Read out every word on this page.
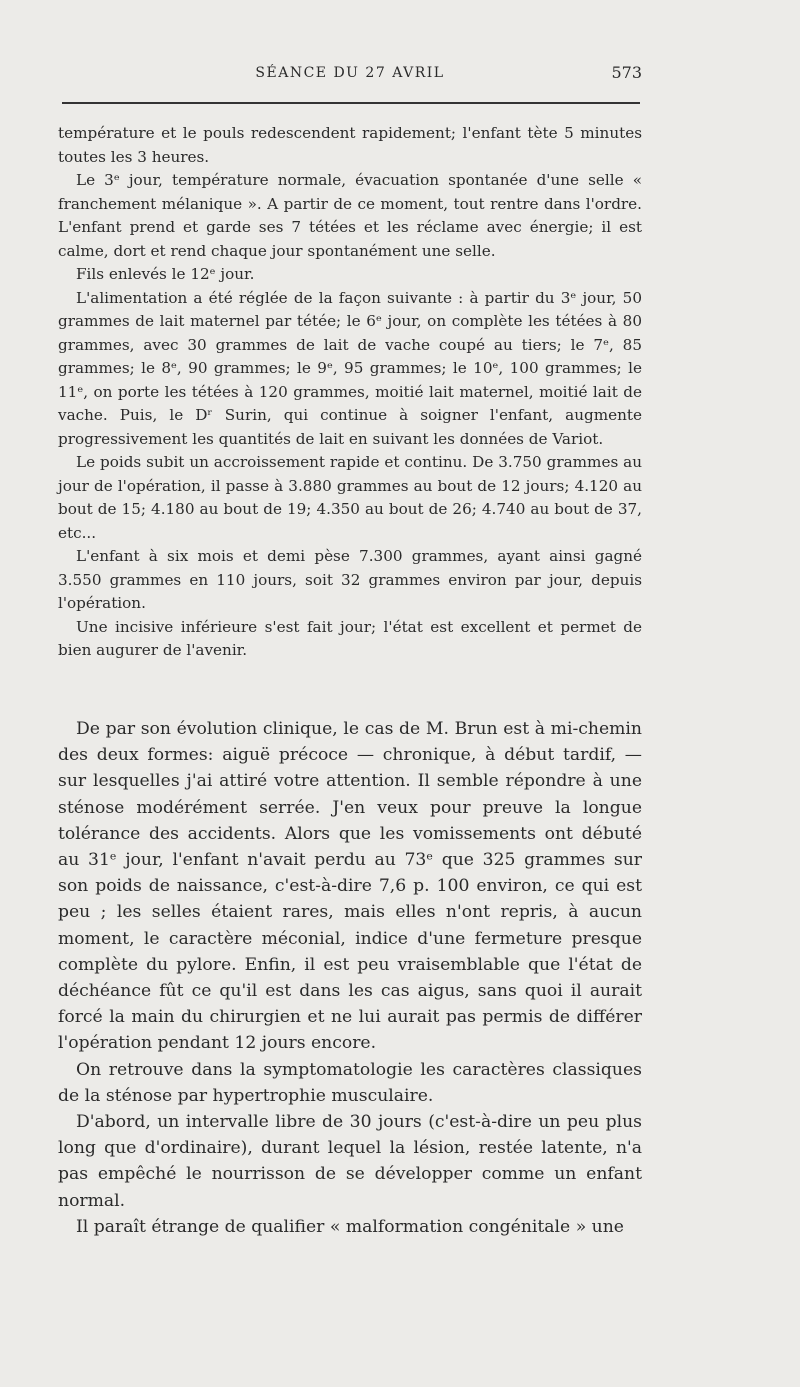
SÉANCE DU 27 AVRIL	573

température et le pouls redescendent rapidement; l'enfant tète 5 minutes toutes les 3 heures.

Le 3ᵉ jour, température normale, évacuation spontanée d'une selle « franchement mélanique ». A partir de ce moment, tout rentre dans l'ordre. L'enfant prend et garde ses 7 tétées et les réclame avec énergie; il est calme, dort et rend chaque jour spontanément une selle.

Fils enlevés le 12ᵉ jour.

L'alimentation a été réglée de la façon suivante : à partir du 3ᵉ jour, 50 grammes de lait maternel par tétée; le 6ᵉ jour, on complète les tétées à 80 grammes, avec 30 grammes de lait de vache coupé au tiers; le 7ᵉ, 85 grammes; le 8ᵉ, 90 grammes; le 9ᵉ, 95 grammes; le 10ᵉ, 100 grammes; le 11ᵉ, on porte les tétées à 120 grammes, moitié lait maternel, moitié lait de vache. Puis, le Dʳ Surin, qui continue à soigner l'enfant, augmente progressivement les quantités de lait en suivant les données de Variot.

Le poids subit un accroissement rapide et continu. De 3.750 grammes au jour de l'opération, il passe à 3.880 grammes au bout de 12 jours; 4.120 au bout de 15; 4.180 au bout de 19; 4.350 au bout de 26; 4.740 au bout de 37, etc...

L'enfant à six mois et demi pèse 7.300 grammes, ayant ainsi gagné 3.550 grammes en 110 jours, soit 32 grammes environ par jour, depuis l'opération.

Une incisive inférieure s'est fait jour; l'état est excellent et permet de bien augurer de l'avenir.

De par son évolution clinique, le cas de M. Brun est à mi-chemin des deux formes: aiguë précoce — chronique, à début tardif, — sur lesquelles j'ai attiré votre attention. Il semble répondre à une sténose modérément serrée. J'en veux pour preuve la longue tolérance des accidents. Alors que les vomissements ont débuté au 31ᵉ jour, l'enfant n'avait perdu au 73ᵉ que 325 grammes sur son poids de naissance, c'est-à-dire 7,6 p. 100 environ, ce qui est peu ; les selles étaient rares, mais elles n'ont repris, à aucun moment, le caractère méconial, indice d'une fermeture presque complète du pylore. Enfin, il est peu vraisemblable que l'état de déchéance fût ce qu'il est dans les cas aigus, sans quoi il aurait forcé la main du chirurgien et ne lui aurait pas permis de différer l'opération pendant 12 jours encore.

On retrouve dans la symptomatologie les caractères classiques de la sténose par hypertrophie musculaire.

D'abord, un intervalle libre de 30 jours (c'est-à-dire un peu plus long que d'ordinaire), durant lequel la lésion, restée latente, n'a pas empêché le nourrisson de se développer comme un enfant normal.

Il paraît étrange de qualifier « malformation congénitale » une
